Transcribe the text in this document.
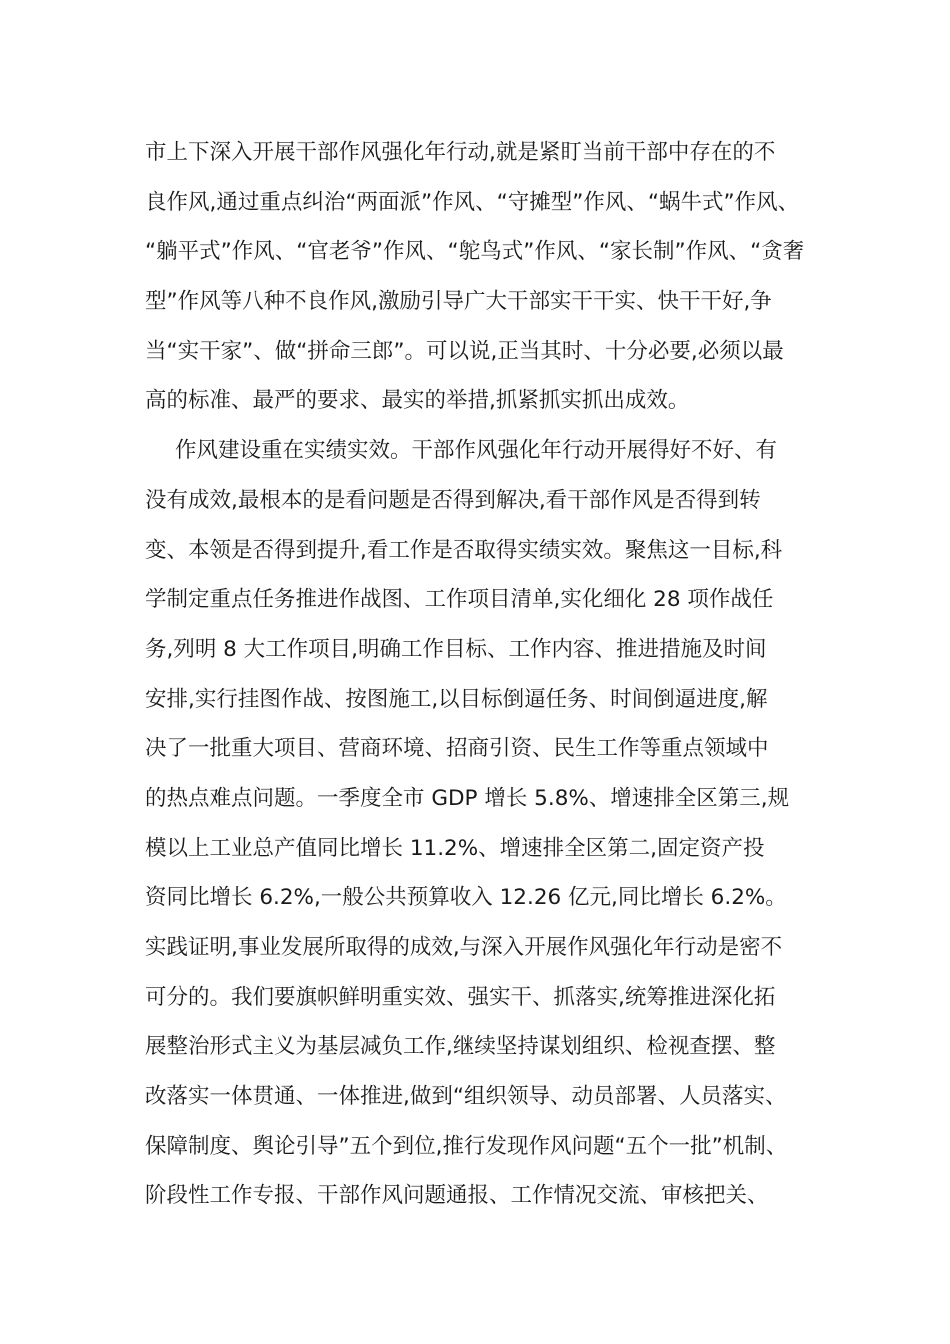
市上下深入开展干部作风强化年行动,就是紧盯当前干部中存在的不
良作风,通过重点纠治“两面派”作风、“守摊型”作风、“蜗牛式”作风、
“躺平式”作风、“官老爷”作风、“鸵鸟式”作风、“家长制”作风、“贪奢
型”作风等八种不良作风,激励引导广大干部实干干实、快干干好,争
当“实干家”、做“拼命三郎”。可以说,正当其时、十分必要,必须以最
高的标准、最严的要求、最实的举措,抓紧抓实抓出成效。
作风建设重在实绩实效。干部作风强化年行动开展得好不好、有
没有成效,最根本的是看问题是否得到解决,看干部作风是否得到转
变、本领是否得到提升,看工作是否取得实绩实效。聚焦这一目标,科
学制定重点任务推进作战图、工作项目清单,实化细化 28 项作战任
务,列明 8 大工作项目,明确工作目标、工作内容、推进措施及时间
安排,实行挂图作战、按图施工,以目标倒逼任务、时间倒逼进度,解
决了一批重大项目、营商环境、招商引资、民生工作等重点领域中
的热点难点问题。一季度全市 GDP 增长 5.8%、增速排全区第三,规
模以上工业总产值同比增长 11.2%、增速排全区第二,固定资产投
资同比增长 6.2%,一般公共预算收入 12.26 亿元,同比增长 6.2%。
实践证明,事业发展所取得的成效,与深入开展作风强化年行动是密不
可分的。我们要旗帜鲜明重实效、强实干、抓落实,统筹推进深化拓
展整治形式主义为基层减负工作,继续坚持谋划组织、检视查摆、整
改落实一体贯通、一体推进,做到“组织领导、动员部署、人员落实、
保障制度、舆论引导”五个到位,推行发现作风问题“五个一批”机制、
阶段性工作专报、干部作风问题通报、工作情况交流、审核把关、
